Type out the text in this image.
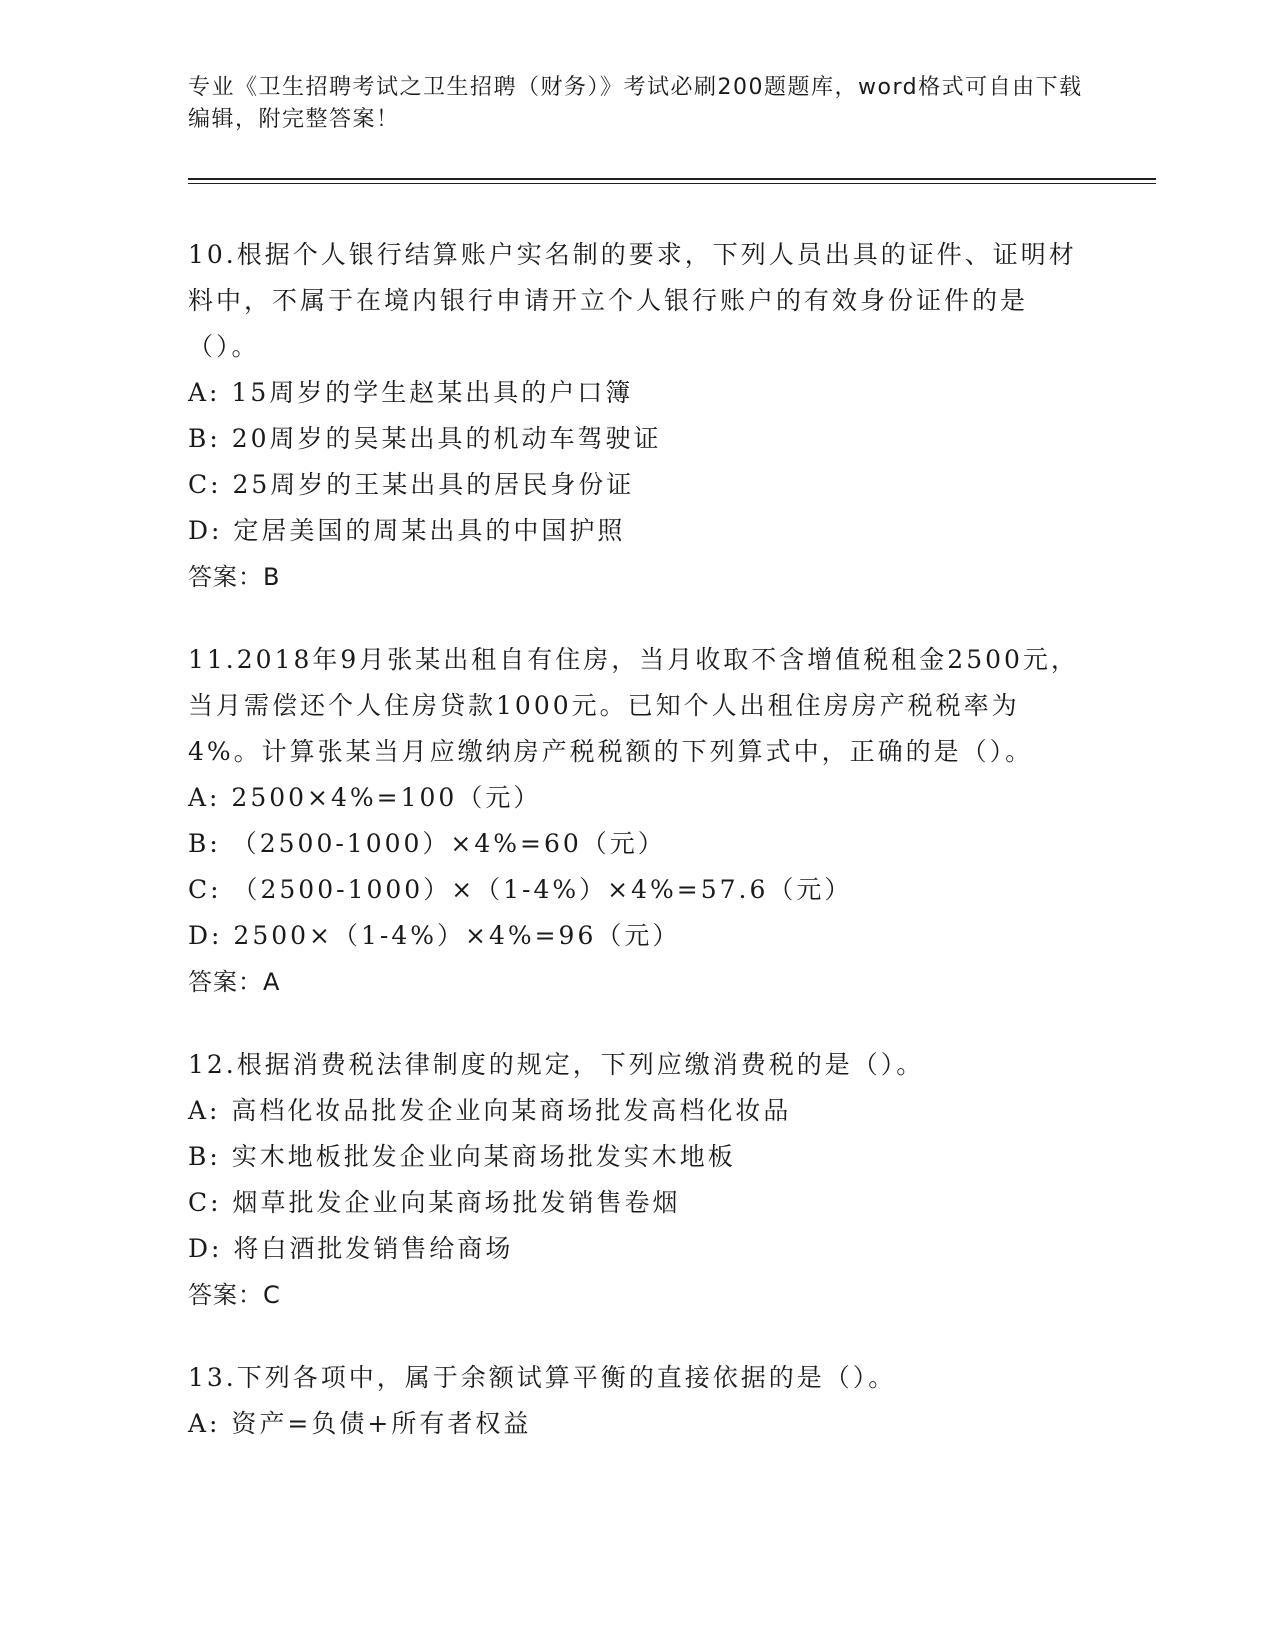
专业《卫生招聘考试之卫生招聘（财务）》考试必刷200题题库，word格式可自由下载编辑，附完整答案！
10.根据个人银行结算账户实名制的要求，下列人员出具的证件、证明材料中，不属于在境内银行申请开立个人银行账户的有效身份证件的是（）。
A: 15周岁的学生赵某出具的户口簿
B: 20周岁的吴某出具的机动车驾驶证
C: 25周岁的王某出具的居民身份证
D: 定居美国的周某出具的中国护照
答案：B
11.2018年9月张某出租自有住房，当月收取不含增值税租金2500元，当月需偿还个人住房贷款1000元。已知个人出租住房房产税税率为4%。计算张某当月应缴纳房产税税额的下列算式中，正确的是（）。
A: 2500×4%=100（元）
B: （2500-1000）×4%=60（元）
C: （2500-1000）×（1-4%）×4%=57.6（元）
D: 2500×（1-4%）×4%=96（元）
答案：A
12.根据消费税法律制度的规定，下列应缴消费税的是（）。
A: 高档化妆品批发企业向某商场批发高档化妆品
B: 实木地板批发企业向某商场批发实木地板
C: 烟草批发企业向某商场批发销售卷烟
D: 将白酒批发销售给商场
答案：C
13.下列各项中，属于余额试算平衡的直接依据的是（）。
A: 资产=负债+所有者权益
